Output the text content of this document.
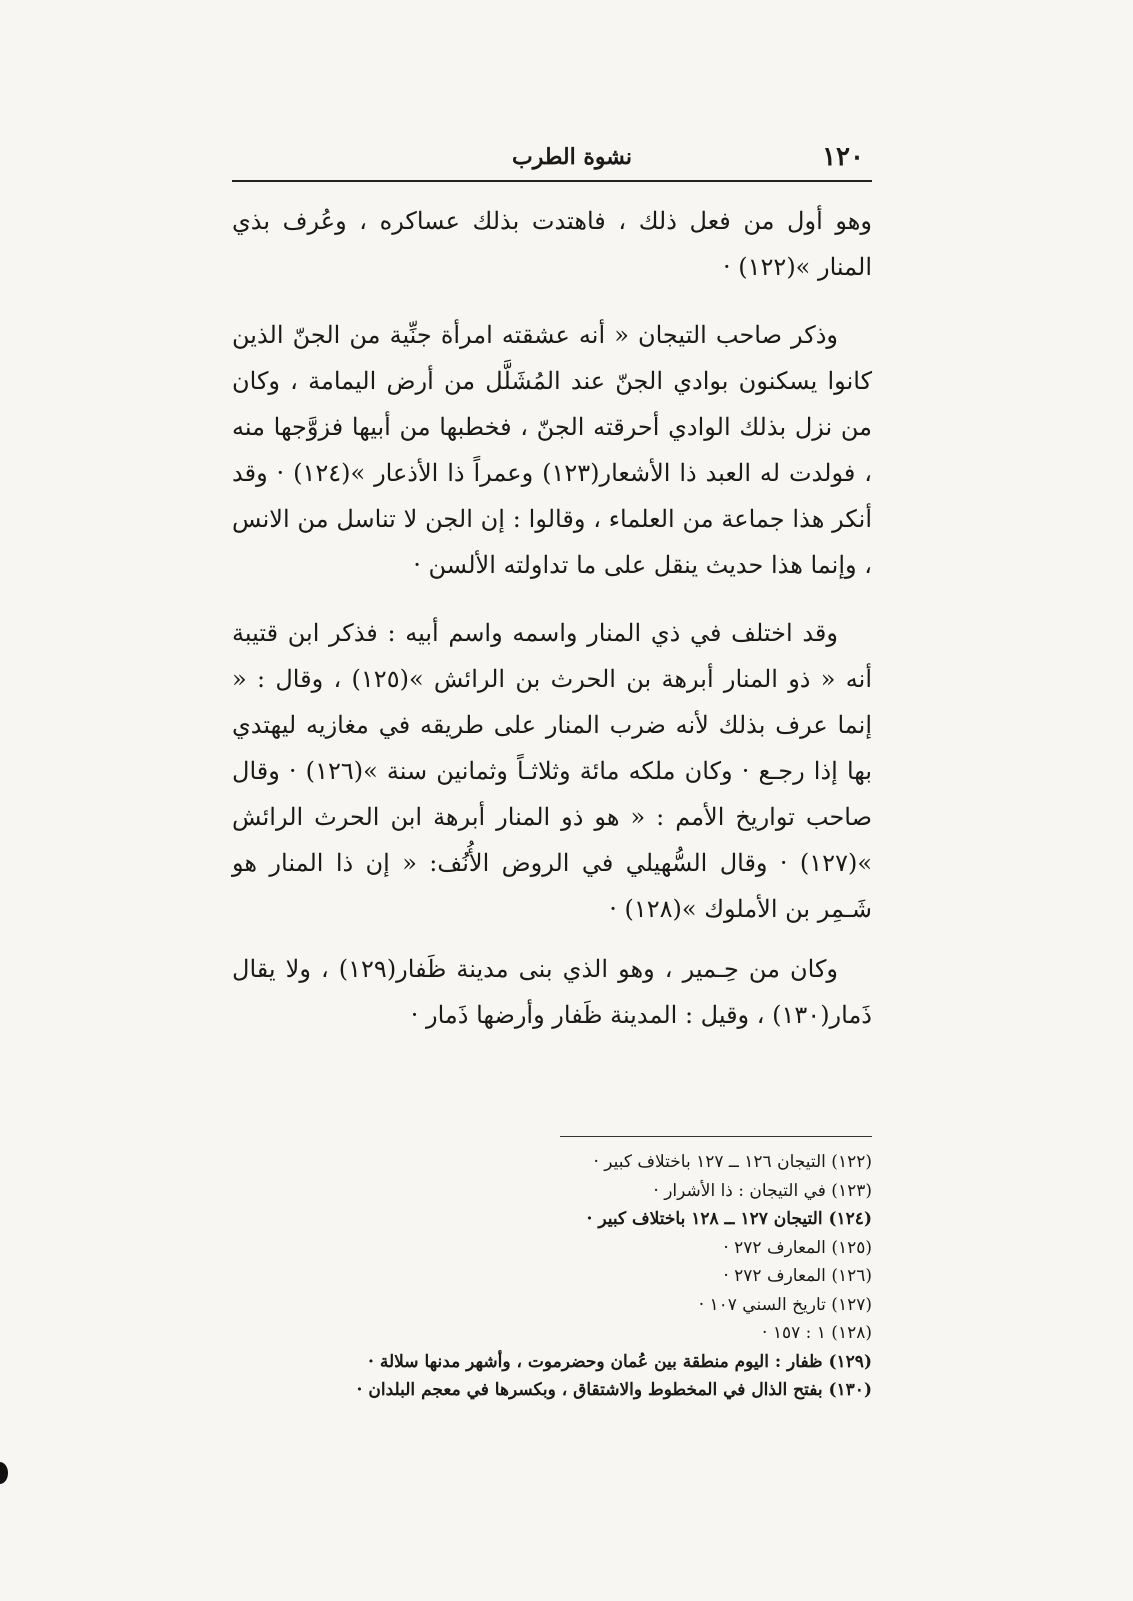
١٢٠
نشوة الطرب

وهو أول من فعل ذلك ، فاهتدت بذلك عساكره ، وعُرف بذي المنار »(١٢٢) ·

وذكر صاحب التيجان « أنه عشقته امرأة جنِّية من الجنّ الذين كانوا يسكنون بوادي الجنّ عند المُشَلَّل من أرض اليمامة ، وكان من نزل بذلك الوادي أحرقته الجنّ ، فخطبها من أبيها فزوَّجها منه ، فولدت له العبد ذا الأشعار(١٢٣) وعمراً ذا الأذعار »(١٢٤) · وقد أنكر هذا جماعة من العلماء ، وقالوا : إن الجن لا تناسل من الانس ، وإنما هذا حديث ينقل على ما تداولته الألسن ·

وقد اختلف في ذي المنار واسمه واسم أبيه : فذكر ابن قتيبة أنه « ذو المنار أبرهة بن الحرث بن الرائش »(١٢٥) ، وقال : « إنما عرف بذلك لأنه ضرب المنار على طريقه في مغازيه ليهتدي بها إذا رجـع · وكان ملكه مائة وثلاثـاً وثمانين سنة »(١٢٦) · وقال صاحب تواريخ الأمم : « هو ذو المنار أبرهة ابن الحرث الرائش »(١٢٧) · وقال السُّهيلي في الروض الأُنُف: « إن ذا المنار هو شَـمِر بن الأملوك »(١٢٨) ·

وكان من حِـمير ، وهو الذي بنى مدينة ظَفار(١٢٩) ، ولا يقال ذَمار(١٣٠) ، وقيل : المدينة ظَفار وأرضها ذَمار ·

(١٢٢) التيجان ١٢٦ ــ ١٢٧ باختلاف كبير ·
(١٢٣) في التيجان : ذا الأشرار ·
(١٢٤) التيجان ١٢٧ ــ ١٢٨ باختلاف كبير ·
(١٢٥) المعارف ٢٧٢ ·
(١٢٦) المعارف ٢٧٢ ·
(١٢٧) تاريخ السني ١٠٧ ·
(١٢٨) ١ : ١٥٧ ·
(١٢٩) ظفار : اليوم منطقة بين عُمان وحضرموت ، وأشهر مدنها سلالة ·
(١٣٠) بفتح الذال في المخطوط والاشتقاق ، وبكسرها في معجم البلدان ·
